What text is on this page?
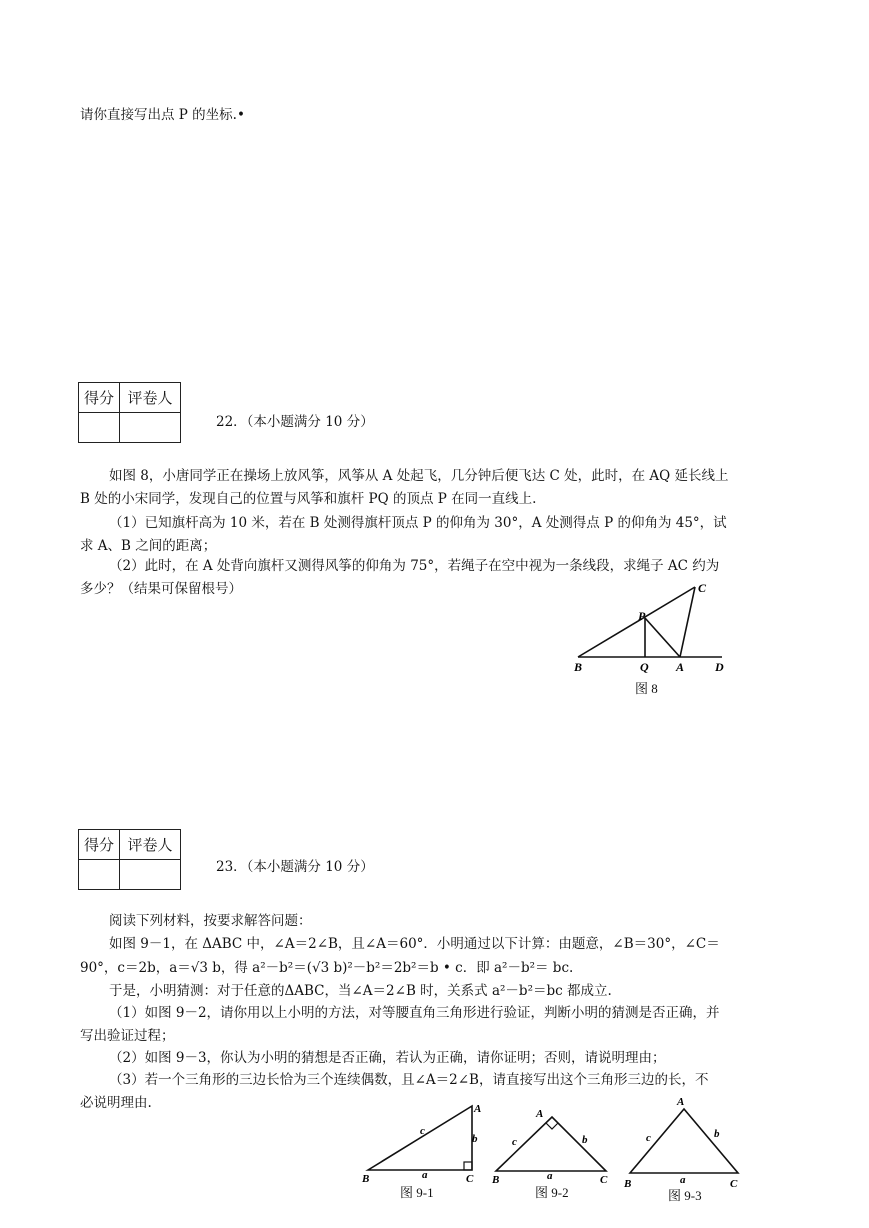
请你直接写出点 P 的坐标.•
得分	评卷人

22．（本小题满分 10 分）
如图 8，小唐同学正在操场上放风筝，风筝从 A 处起飞，几分钟后便飞达 C 处，此时，在 AQ 延长线上
B 处的小宋同学，发现自己的位置与风筝和旗杆 PQ 的顶点 P 在同一直线上.
（1）已知旗杆高为 10 米，若在 B 处测得旗杆顶点 P 的仰角为 30°，A 处测得点 P 的仰角为 45°，试
求 A、B 之间的距离；
（2）此时，在 A 处背向旗杆又测得风筝的仰角为 75°，若绳子在空中视为一条线段，求绳子 AC 约为
多少？（结果可保留根号）
B	Q A	D
P
C
图 8
得分	评卷人

23．（本小题满分 10 分）
阅读下列材料，按要求解答问题：
如图 9－1，在 ΔABC 中，∠A＝2∠B，且∠A＝60°．小明通过以下计算：由题意，∠B＝30°，∠C＝
90°，c＝2b，a＝√3 b，得 a²－b²＝(√3 b)²－b²＝2b²＝b • c．即 a²－b²＝ bc.
于是，小明猜测：对于任意的ΔABC，当∠A＝2∠B 时，关系式 a²－b²＝bc 都成立.
（1）如图 9－2，请你用以上小明的方法，对等腰直角三角形进行验证，判断小明的猜测是否正确，并
写出验证过程；
（2）如图 9－3，你认为小明的猜想是否正确，若认为正确，请你证明；否则，请说明理由；
（3）若一个三角形的三边长恰为三个连续偶数，且∠A＝2∠B，请直接写出这个三角形三边的长，不
必说明理由.	A
B	C
c
b
a
图 9-1
A
B	C
c	b
a
图 9-2
A
B	C
c	b
a
图 9-3
